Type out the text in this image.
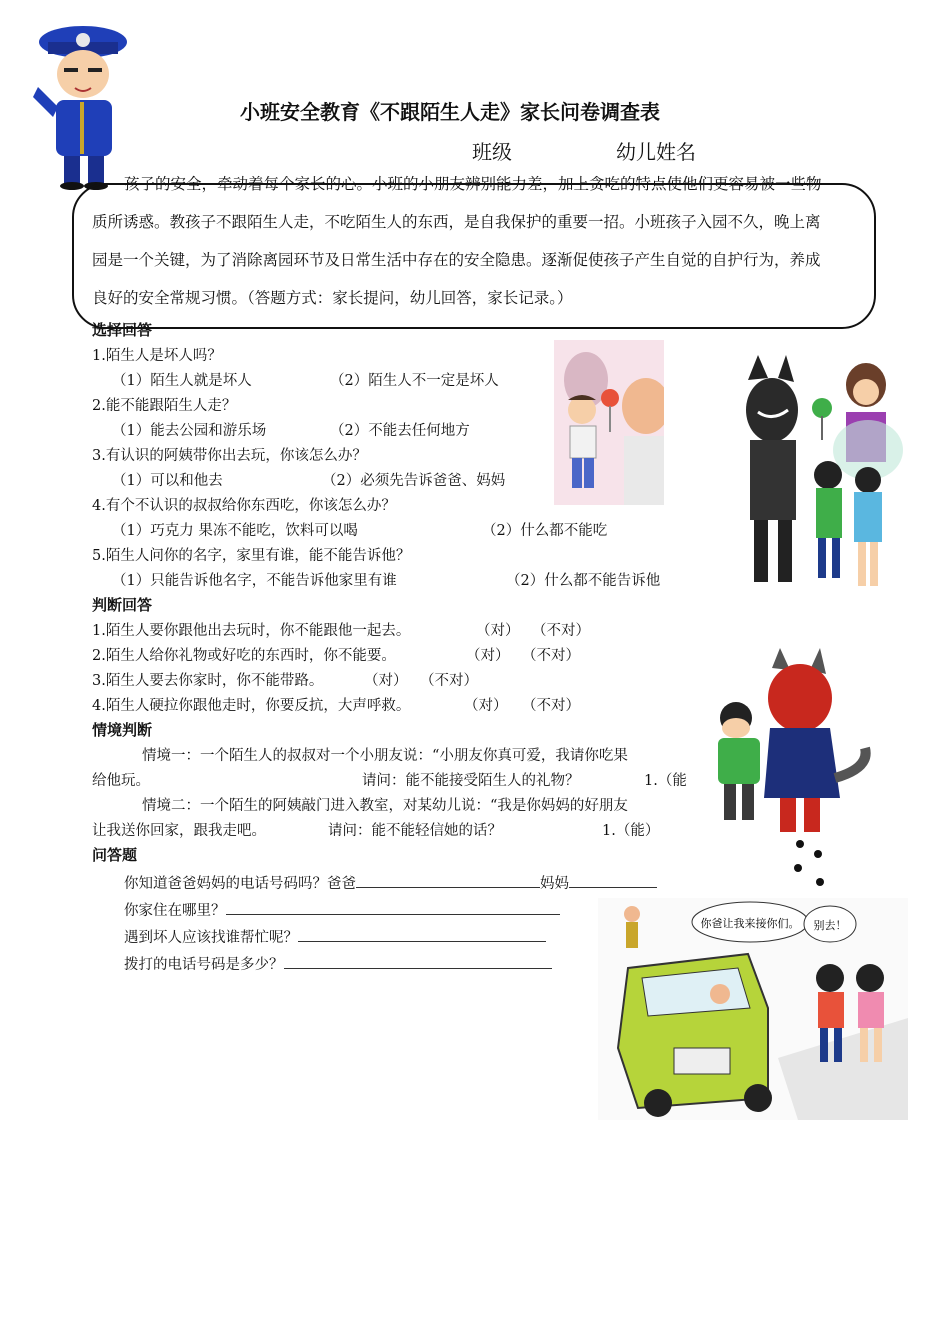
小班安全教育《不跟陌生人走》家长问卷调查表
班级	幼儿姓名
孩子的安全，牵动着每个家长的心。小班的小朋友辨别能力差，加上贪吃的特点使他们更容易被一些物
质所诱惑。教孩子不跟陌生人走，不吃陌生人的东西，是自我保护的重要一招。小班孩子入园不久，晚上离
园是一个关键，为了消除离园环节及日常生活中存在的安全隐患。逐渐促使孩子产生自觉的自护行为，养成
良好的安全常规习惯。（答题方式：家长提问，幼儿回答，家长记录。）
选择回答
1.陌生人是坏人吗？
（1）陌生人就是坏人	（2）陌生人不一定是坏人
2.能不能跟陌生人走？
（1）能去公园和游乐场	（2）不能去任何地方
3.有认识的阿姨带你出去玩，你该怎么办？
（1）可以和他去	（2）必须先告诉爸爸、妈妈
4.有个不认识的叔叔给你东西吃，你该怎么办？
（1）巧克力 果冻不能吃，饮料可以喝	（2）什么都不能吃
5.陌生人问你的名字，家里有谁，能不能告诉他？
（1）只能告诉他名字，不能告诉他家里有谁	（2）什么都不能告诉他
判断回答
1.陌生人要你跟他出去玩时，你不能跟他一起去。	（对） （不对）
2.陌生人给你礼物或好吃的东西时，你不能要。	（对） （不对）
3.陌生人要去你家时，你不能带路。	（对） （不对）
4.陌生人硬拉你跟他走时，你要反抗，大声呼救。	（对） （不对）
情境判断
情境一：一个陌生人的叔叔对一个小朋友说：“小朋友你真可爱，我请你吃果
给他玩。	请问：能不能接受陌生人的礼物？	1.（能
情境二：一个陌生的阿姨敲门进入教室，对某幼儿说：“我是你妈妈的好朋友
让我送你回家，跟我走吧。	请问：能不能轻信她的话？	1.（能）
问答题
你知道爸爸妈妈的电话号码吗？爸爸	妈妈
你家住在哪里？
遇到坏人应该找谁帮忙呢？
拨打的电话号码是多少？
你爸让我来接你们。 别去！
